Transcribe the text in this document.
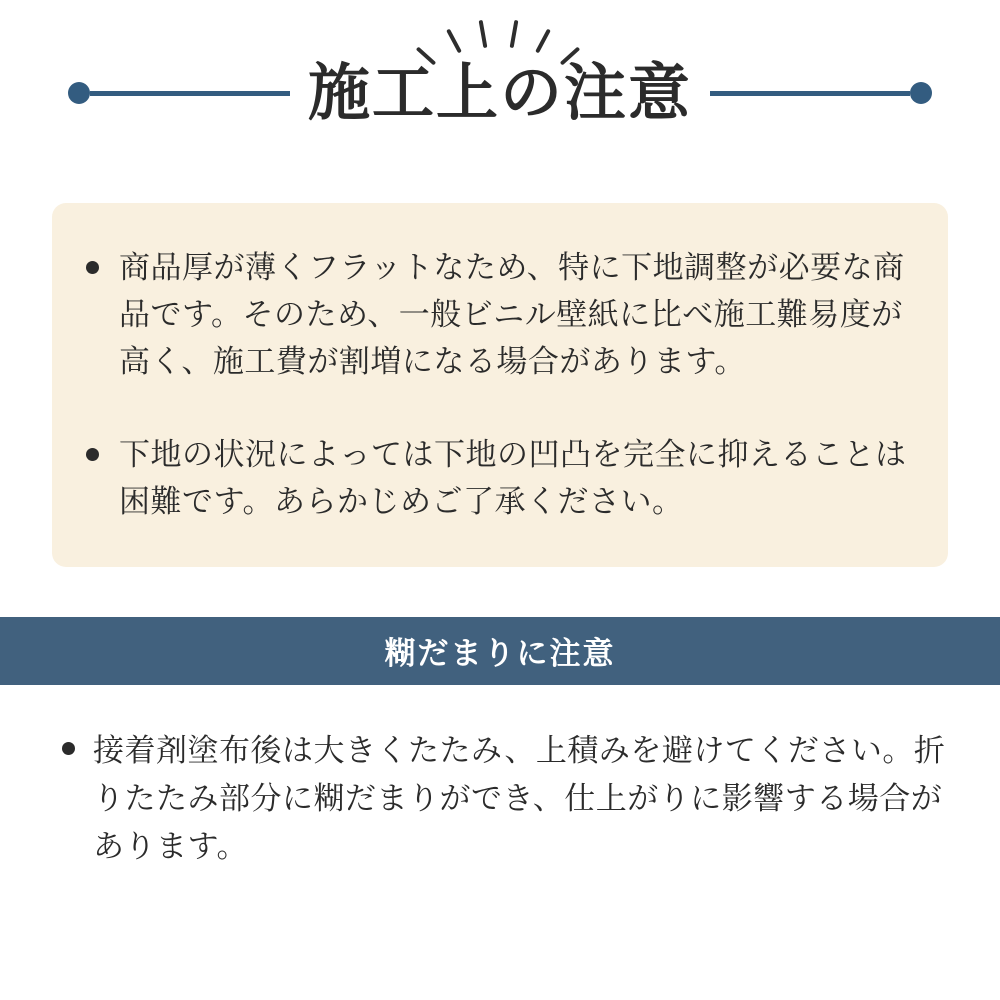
施工上の注意
商品厚が薄くフラットなため、特に下地調整が必要な商品です。そのため、一般ビニル壁紙に比べ施工難易度が高く、施工費が割増になる場合があります。
下地の状況によっては下地の凹凸を完全に抑えることは困難です。あらかじめご了承ください。
糊だまりに注意
接着剤塗布後は大きくたたみ、上積みを避けてください。折りたたみ部分に糊だまりができ、仕上がりに影響する場合があります。
